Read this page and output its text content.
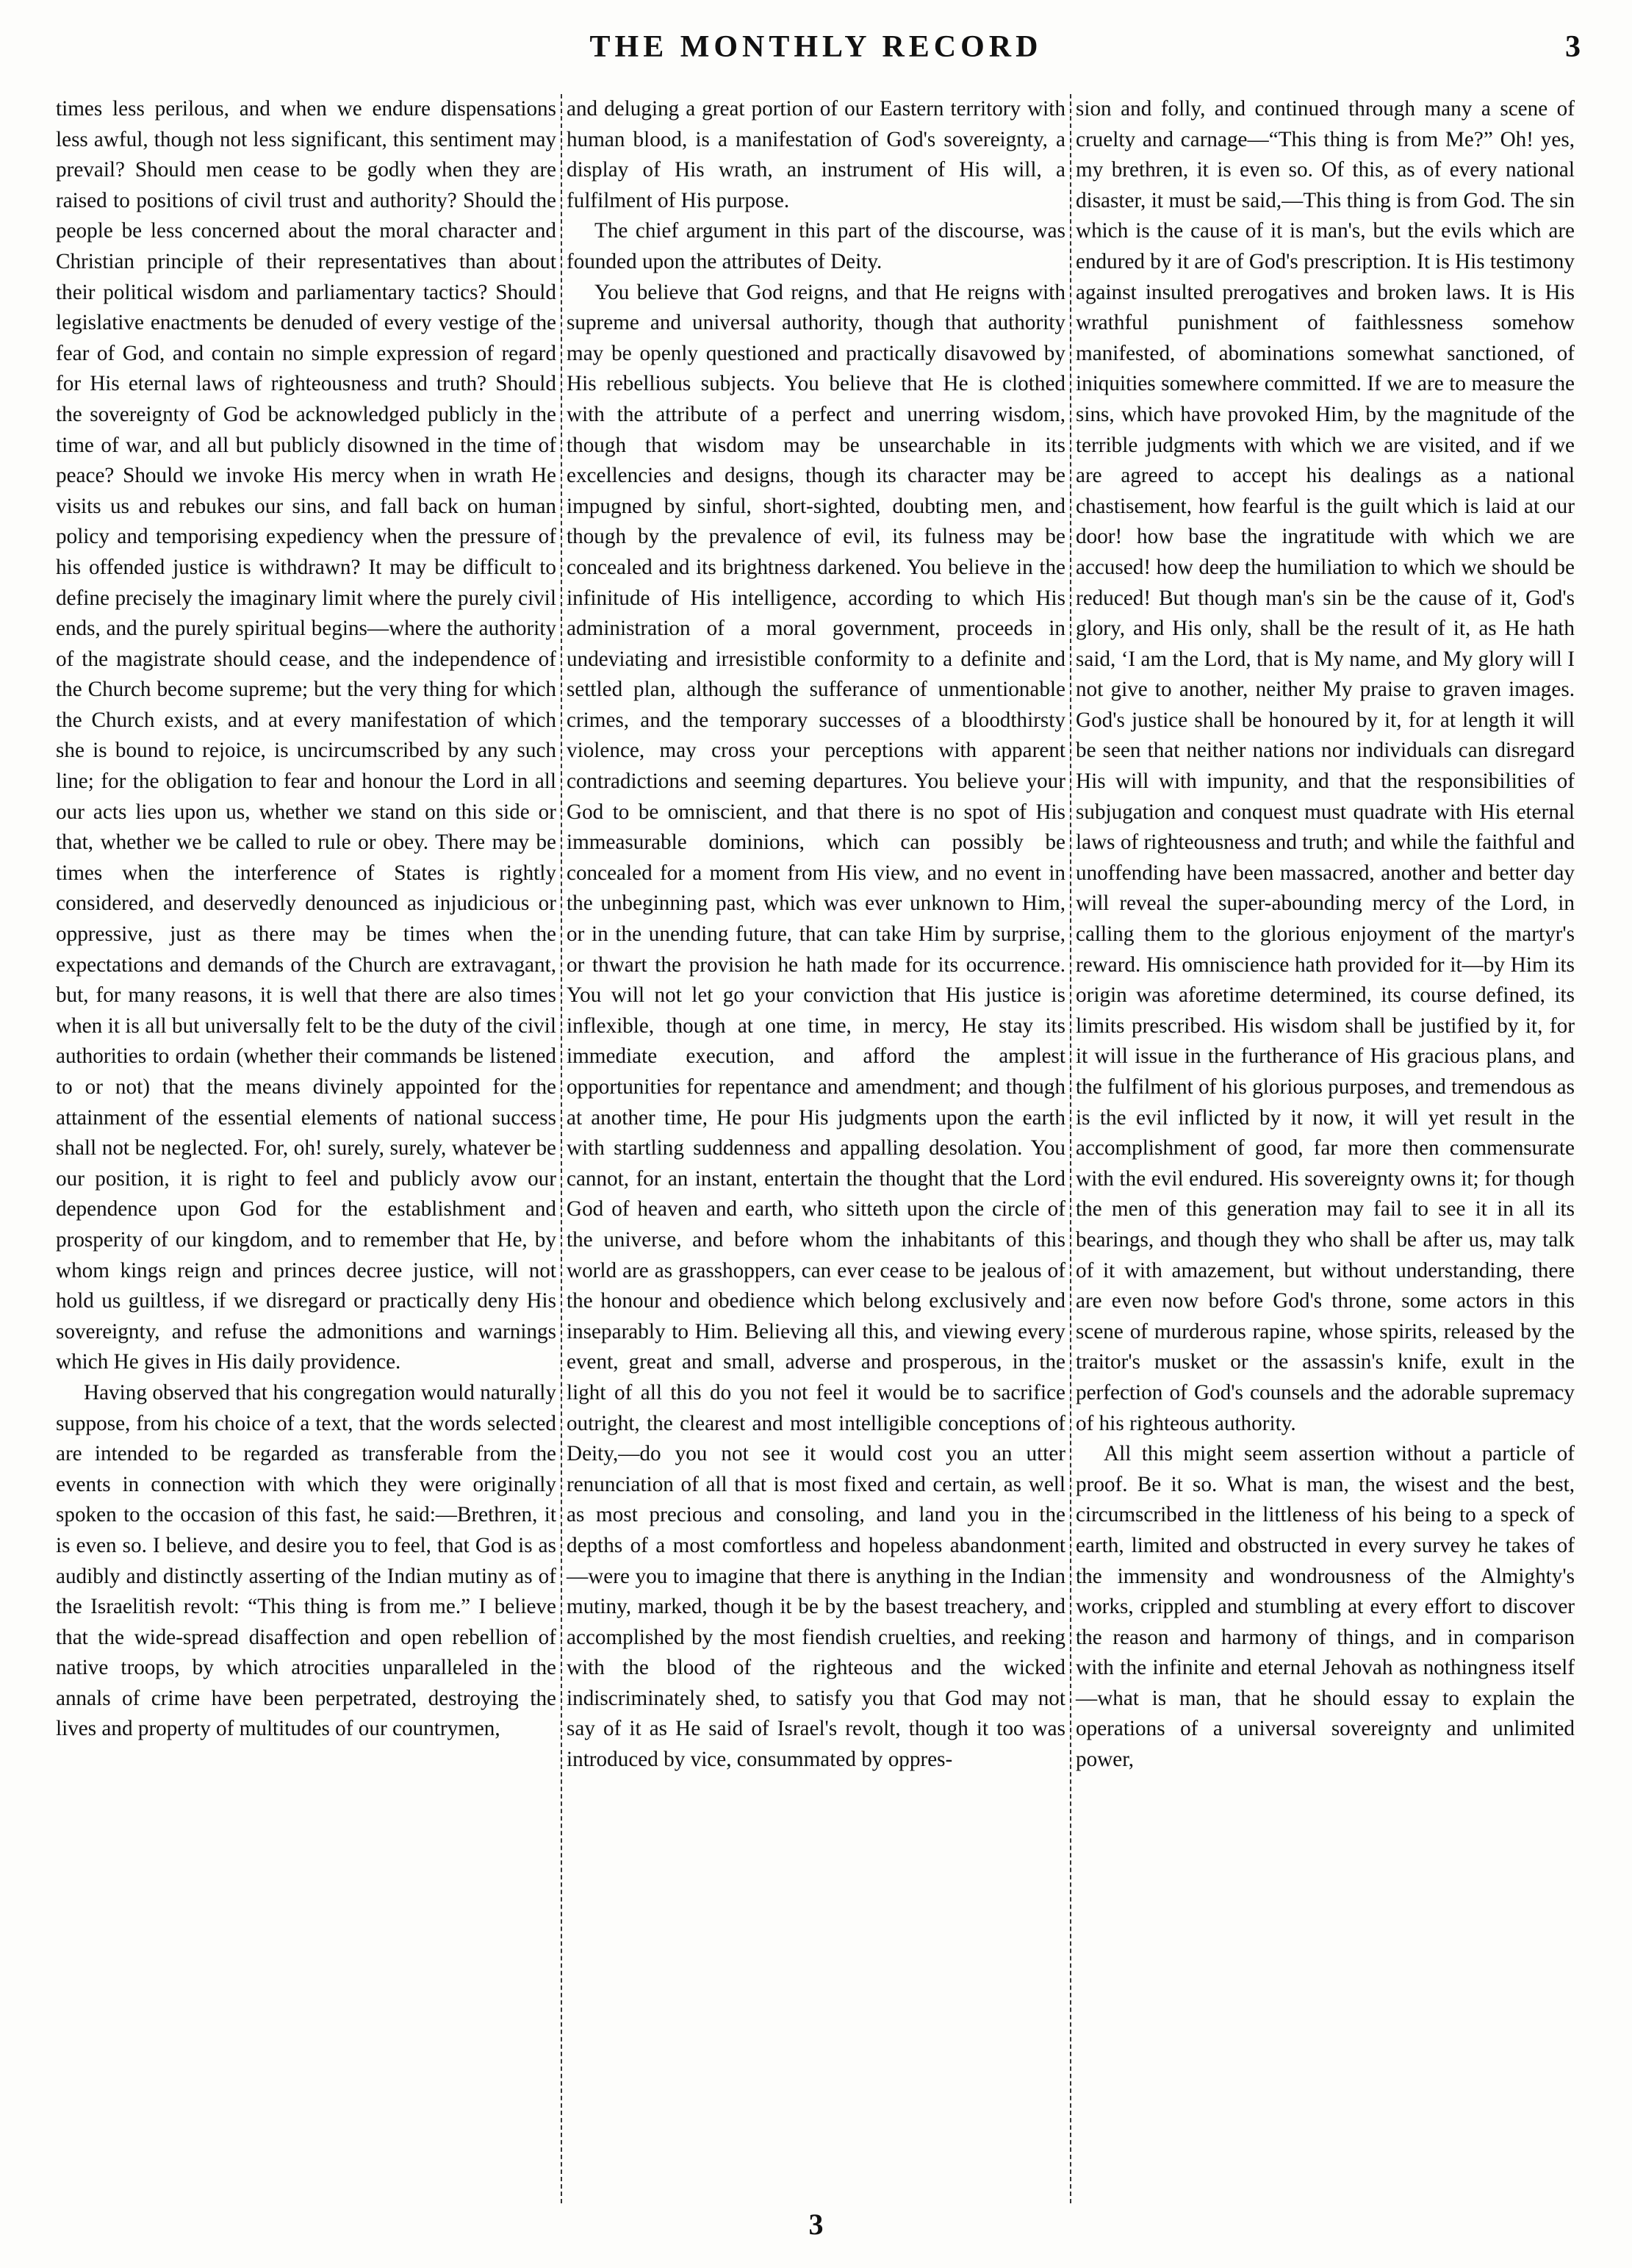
THE MONTHLY RECORD	3

times less perilous, and when we endure dispensations less awful, though not less significant, this sentiment may prevail? Should men cease to be godly when they are raised to positions of civil trust and authority? Should the people be less concerned about the moral character and Christian principle of their representatives than about their political wisdom and parliamentary tactics? Should legislative enactments be denuded of every vestige of the fear of God, and contain no simple expression of regard for His eternal laws of righteousness and truth? Should the sovereignty of God be acknowledged publicly in the time of war, and all but publicly disowned in the time of peace? Should we invoke His mercy when in wrath He visits us and rebukes our sins, and fall back on human policy and temporising expediency when the pressure of his offended justice is withdrawn? It may be difficult to define precisely the imaginary limit where the purely civil ends, and the purely spiritual begins—where the authority of the magistrate should cease, and the independence of the Church become supreme; but the very thing for which the Church exists, and at every manifestation of which she is bound to rejoice, is uncircumscribed by any such line; for the obligation to fear and honour the Lord in all our acts lies upon us, whether we stand on this side or that, whether we be called to rule or obey. There may be times when the interference of States is rightly considered, and deservedly denounced as injudicious or oppressive, just as there may be times when the expectations and demands of the Church are extravagant, but, for many reasons, it is well that there are also times when it is all but universally felt to be the duty of the civil authorities to ordain (whether their commands be listened to or not) that the means divinely appointed for the attainment of the essential elements of national success shall not be neglected. For, oh! surely, surely, whatever be our position, it is right to feel and publicly avow our dependence upon God for the establishment and prosperity of our kingdom, and to remember that He, by whom kings reign and princes decree justice, will not hold us guiltless, if we disregard or practically deny His sovereignty, and refuse the admonitions and warnings which He gives in His daily providence.

Having observed that his congregation would naturally suppose, from his choice of a text, that the words selected are intended to be regarded as transferable from the events in connection with which they were originally spoken to the occasion of this fast, he said:—Brethren, it is even so. I believe, and desire you to feel, that God is as audibly and distinctly asserting of the Indian mutiny as of the Israelitish revolt: “This thing is from me.” I believe that the wide-spread disaffection and open rebellion of native troops, by which atrocities unparalleled in the annals of crime have been perpetrated, destroying the lives and property of multitudes of our countrymen,

and deluging a great portion of our Eastern territory with human blood, is a manifestation of God's sovereignty, a display of His wrath, an instrument of His will, a fulfilment of His purpose.

The chief argument in this part of the discourse, was founded upon the attributes of Deity.

You believe that God reigns, and that He reigns with supreme and universal authority, though that authority may be openly questioned and practically disavowed by His rebellious subjects. You believe that He is clothed with the attribute of a perfect and unerring wisdom, though that wisdom may be unsearchable in its excellencies and designs, though its character may be impugned by sinful, short-sighted, doubting men, and though by the prevalence of evil, its fulness may be concealed and its brightness darkened. You believe in the infinitude of His intelligence, according to which His administration of a moral government, proceeds in undeviating and irresistible conformity to a definite and settled plan, although the sufferance of unmentionable crimes, and the temporary successes of a bloodthirsty violence, may cross your perceptions with apparent contradictions and seeming departures. You believe your God to be omniscient, and that there is no spot of His immeasurable dominions, which can possibly be concealed for a moment from His view, and no event in the unbeginning past, which was ever unknown to Him, or in the unending future, that can take Him by surprise, or thwart the provision he hath made for its occurrence. You will not let go your conviction that His justice is inflexible, though at one time, in mercy, He stay its immediate execution, and afford the amplest opportunities for repentance and amendment; and though at another time, He pour His judgments upon the earth with startling suddenness and appalling desolation. You cannot, for an instant, entertain the thought that the Lord God of heaven and earth, who sitteth upon the circle of the universe, and before whom the inhabitants of this world are as grasshoppers, can ever cease to be jealous of the honour and obedience which belong exclusively and inseparably to Him. Believing all this, and viewing every event, great and small, adverse and prosperous, in the light of all this do you not feel it would be to sacrifice outright, the clearest and most intelligible conceptions of Deity,—do you not see it would cost you an utter renunciation of all that is most fixed and certain, as well as most precious and consoling, and land you in the depths of a most comfortless and hopeless abandonment—were you to imagine that there is anything in the Indian mutiny, marked, though it be by the basest treachery, and accomplished by the most fiendish cruelties, and reeking with the blood of the righteous and the wicked indiscriminately shed, to satisfy you that God may not say of it as He said of Israel's revolt, though it too was introduced by vice, consummated by oppres-

sion and folly, and continued through many a scene of cruelty and carnage—“This thing is from Me?” Oh! yes, my brethren, it is even so. Of this, as of every national disaster, it must be said,—This thing is from God. The sin which is the cause of it is man's, but the evils which are endured by it are of God's prescription. It is His testimony against insulted prerogatives and broken laws. It is His wrathful punishment of faithlessness somehow manifested, of abominations somewhat sanctioned, of iniquities somewhere committed. If we are to measure the sins, which have provoked Him, by the magnitude of the terrible judgments with which we are visited, and if we are agreed to accept his dealings as a national chastisement, how fearful is the guilt which is laid at our door! how base the ingratitude with which we are accused! how deep the humiliation to which we should be reduced! But though man's sin be the cause of it, God's glory, and His only, shall be the result of it, as He hath said, ‘I am the Lord, that is My name, and My glory will I not give to another, neither My praise to graven images. God's justice shall be honoured by it, for at length it will be seen that neither nations nor individuals can disregard His will with impunity, and that the responsibilities of subjugation and conquest must quadrate with His eternal laws of righteousness and truth; and while the faithful and unoffending have been massacred, another and better day will reveal the super-abounding mercy of the Lord, in calling them to the glorious enjoyment of the martyr's reward. His omniscience hath provided for it—by Him its origin was aforetime determined, its course defined, its limits prescribed. His wisdom shall be justified by it, for it will issue in the furtherance of His gracious plans, and the fulfilment of his glorious purposes, and tremendous as is the evil inflicted by it now, it will yet result in the accomplishment of good, far more then commensurate with the evil endured. His sovereignty owns it; for though the men of this generation may fail to see it in all its bearings, and though they who shall be after us, may talk of it with amazement, but without understanding, there are even now before God's throne, some actors in this scene of murderous rapine, whose spirits, released by the traitor's musket or the assassin's knife, exult in the perfection of God's counsels and the adorable supremacy of his righteous authority.

All this might seem assertion without a particle of proof. Be it so. What is man, the wisest and the best, circumscribed in the littleness of his being to a speck of earth, limited and obstructed in every survey he takes of the immensity and wondrousness of the Almighty's works, crippled and stumbling at every effort to discover the reason and harmony of things, and in comparison with the infinite and eternal Jehovah as nothingness itself—what is man, that he should essay to explain the operations of a universal sovereignty and unlimited power,

3
